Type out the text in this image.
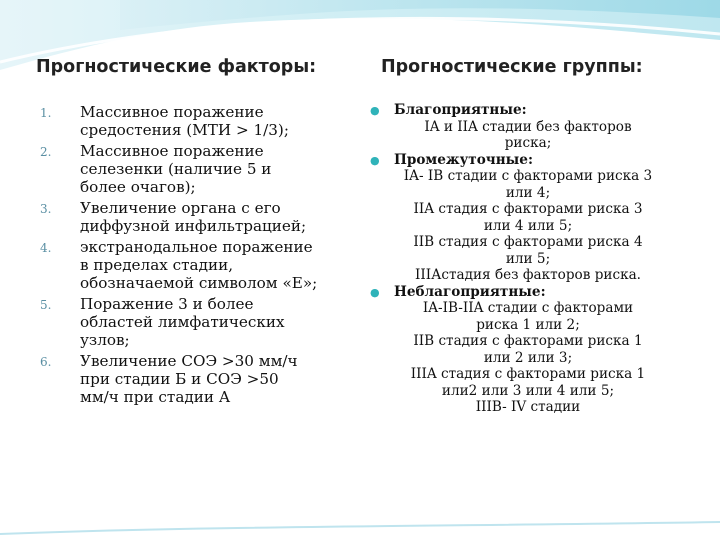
Прогностические факторы:	Прогностические группы:
1.	Массивное поражение
средостения (МТИ > 1/3);
2.	Массивное поражение
селезенки (наличие 5 и
более очагов);
3.	Увеличение органа с его
диффузной инфильтрацией;
4.	экстранодальное поражение
в пределах стадии,
обозначаемой символом «Е»;
5.	Поражение 3 и более
областей лимфатических
узлов;
6.	Увеличение СОЭ >30 мм/ч
при стадии Б и СОЭ >50
мм/ч при стадии А
●	Благоприятные:
IA и IIA стадии без факторов
риска;
●	Промежуточные:
IA- IB стадии с факторами риска 3
или 4;
IIA стадия с факторами риска 3
или 4 или 5;
IIB стадия с факторами риска 4
или 5;
IIIАстадия без факторов риска.
●	Неблагоприятные:
IA-IB-IIA стадии с факторами
риска 1 или 2;
IIB стадия с факторами риска 1
или 2 или 3;
IIIA стадия с факторами риска 1
или2 или 3 или 4 или 5;
IIIB- IV стадии
